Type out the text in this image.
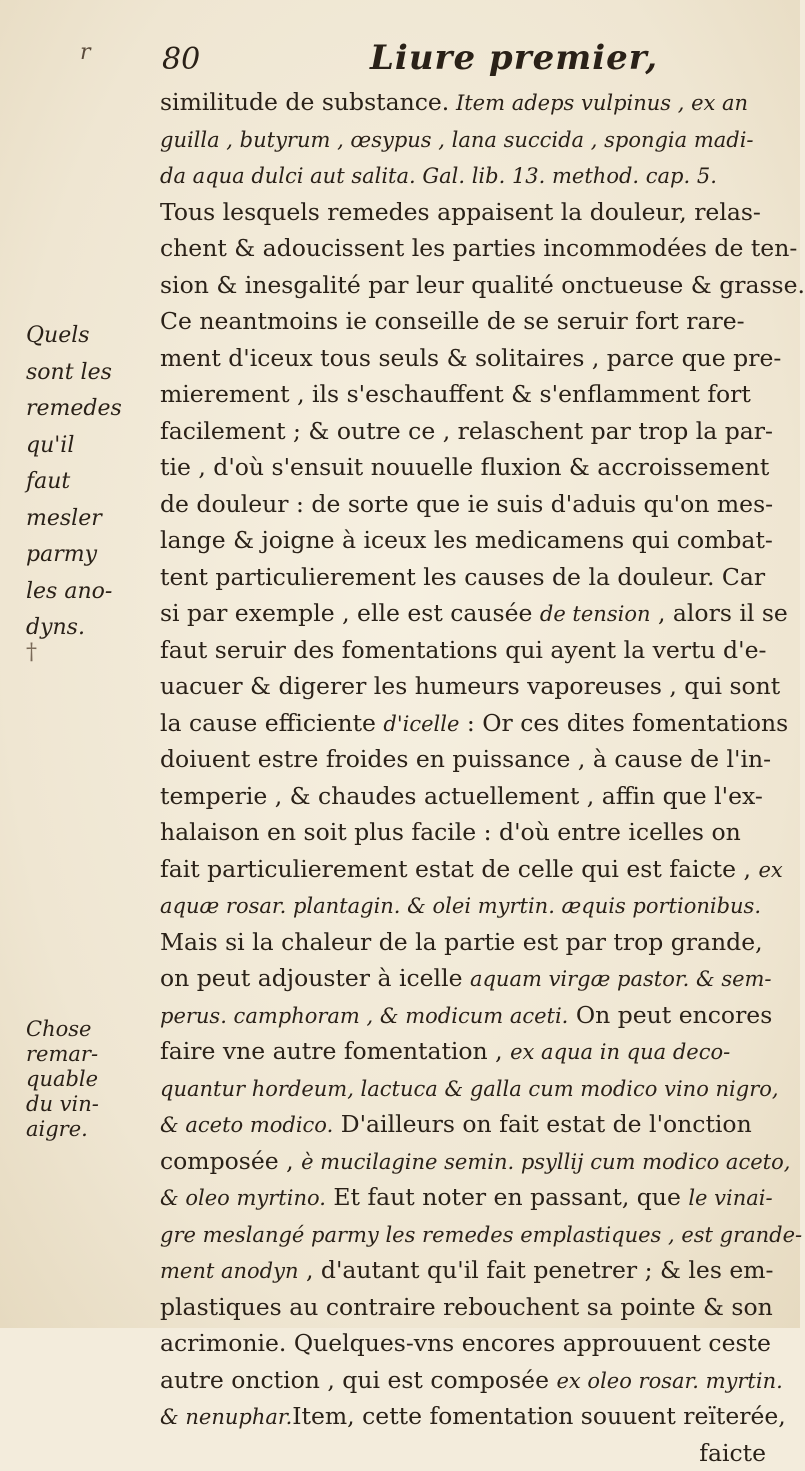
r 80	Liure premier,
Quels
sont les
remedes
qu'il
faut
mesler
parmy
les ano-
dyns.
†
Chose
remar-
quable
du vin-
aigre.
similitude de substance. Item adeps vulpinus , ex an
guilla , butyrum , œsypus , lana succida , spongia madi-
da aqua dulci aut salita. Gal. lib. 13. method. cap. 5.
Tous lesquels remedes appaisent la douleur, relas-
chent & adoucissent les parties incommodées de ten-
sion & inesgalité par leur qualité onctueuse & grasse.
Ce neantmoins ie conseille de se seruir fort rare-
ment d'iceux tous seuls & solitaires , parce que pre-
mierement , ils s'eschauffent & s'enflamment fort
facilement ; & outre ce , relaschent par trop la par-
tie , d'où s'ensuit nouuelle fluxion & accroissement
de douleur : de sorte que ie suis d'aduis qu'on mes-
lange & joigne à iceux les medicamens qui combat-
tent particulierement les causes de la douleur. Car
si par exemple , elle est causée de tension , alors il se
faut seruir des fomentations qui ayent la vertu d'e-
uacuer & digerer les humeurs vaporeuses , qui sont
la cause efficiente d'icelle : Or ces dites fomentations
doiuent estre froides en puissance , à cause de l'in-
temperie , & chaudes actuellement , affin que l'ex-
halaison en soit plus facile : d'où entre icelles on
fait particulierement estat de celle qui est faicte , ex
aquæ rosar. plantagin. & olei myrtin. æquis portionibus.
Mais si la chaleur de la partie est par trop grande,
on peut adjouster à icelle aquam virgæ pastor. & sem-
perus. camphoram , & modicum aceti. On peut encores
faire vne autre fomentation , ex aqua in qua deco-
quantur hordeum, lactuca & galla cum modico vino nigro,
& aceto modico. D'ailleurs on fait estat de l'onction
composée , è mucilagine semin. psyllij cum modico aceto,
& oleo myrtino. Et faut noter en passant, que le vinai-
gre meslangé parmy les remedes emplastiques , est grande-
ment anodyn , d'autant qu'il fait penetrer ; & les em-
plastiques au contraire rebouchent sa pointe & son
acrimonie. Quelques-vns encores approuuent ceste
autre onction , qui est composée ex oleo rosar. myrtin.
& nenuphar.Item, cette fomentation souuent reïterée,
faicte
